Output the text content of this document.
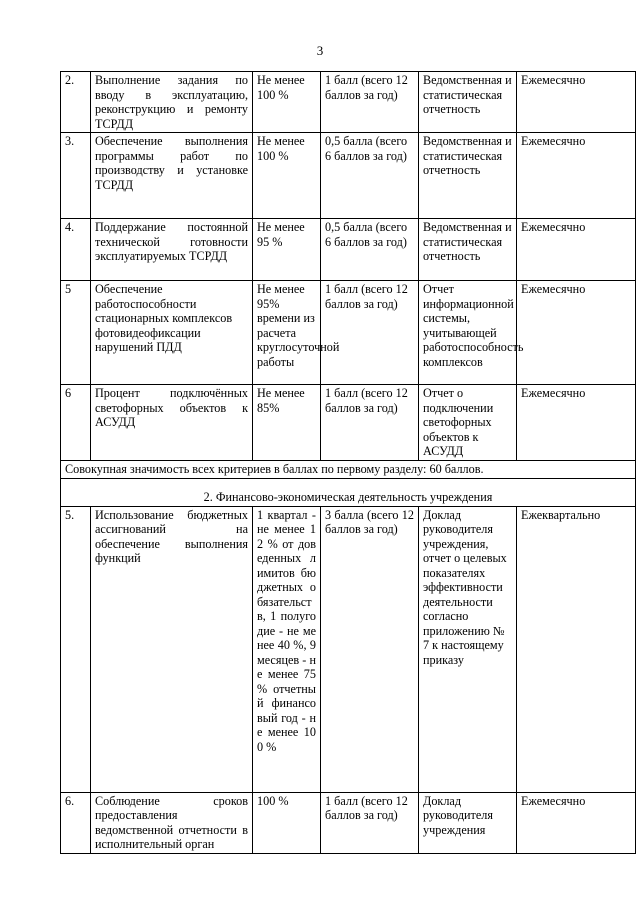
3
2.	Выполнение задания по вводу в эксплуатацию, реконструкцию и ремонту ТСРДД	Не менее 100 %	1 балл (всего 12 баллов за год)	Ведомственная и статистическая отчетность	Ежемесячно
3.	Обеспечение выполнения программы работ по производству и установке ТСРДД	Не менее 100 %	0,5 балла (всего 6 баллов за год)	Ведомственная и статистическая отчетность	Ежемесячно
4.	Поддержание постоянной технической готовности эксплуатируемых ТСРДД	Не менее 95 %	0,5 балла (всего 6 баллов за год)	Ведомственная и статистическая отчетность	Ежемесячно
5	Обеспечение работоспособности стационарных комплексов фотовидеофиксации нарушений ПДД	Не менее 95% времени из расчета круглосуточной работы	1 балл (всего 12 баллов за год)	Отчет информационной системы, учитывающей работоспособность комплексов	Ежемесячно
6	Процент подключённых светофорных объектов к АСУДД	Не менее 85%	1 балл (всего 12 баллов за год)	Отчет о подключении светофорных объектов к АСУДД	Ежемесячно
Совокупная значимость всех критериев в баллах по первому разделу: 60 баллов.					
2. Финансово-экономическая деятельность учреждения					
5.	Использование бюджетных ассигнований на обеспечение выполнения функций	1 квартал - не менее 12 % от доведенных лимитов бюджетных обязательств, 1 полугодие - не менее 40 %, 9 месяцев - не менее 75 % отчетный финансовый год - не менее 100 %	3 балла (всего 12 баллов за год)	Доклад руководителя учреждения, отчет о целевых показателях эффективности деятельности согласно приложению № 7 к настоящему приказу	Ежеквартально
6.	Соблюдение сроков предоставления ведомственной отчетности в исполнительный орган	100 %	1 балл (всего 12 баллов за год)	Доклад руководителя учреждения	Ежемесячно
